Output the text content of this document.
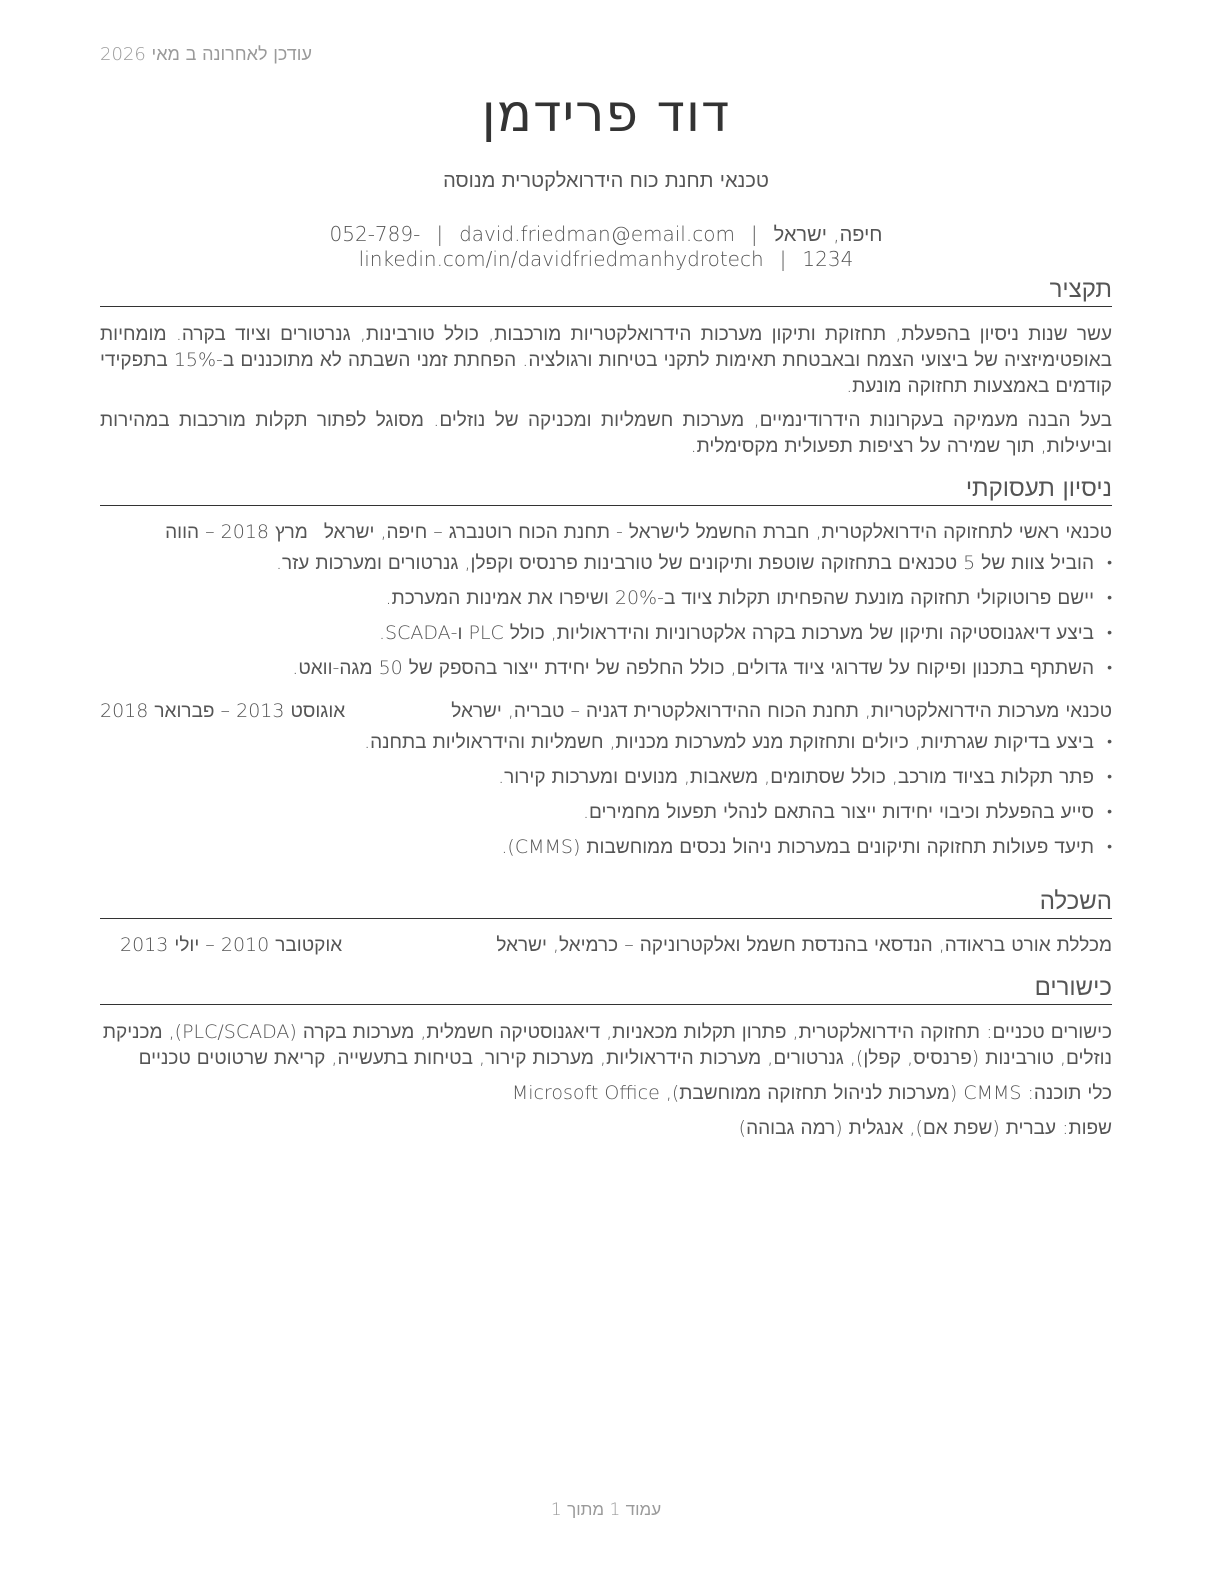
עודכן לאחרונה ב מאי 2026
דוד פרידמן
טכנאי תחנת כוח הידרואלקטרית מנוסה
חיפה, ישראל|david.friedman@email.com|052-789-1234|linkedin.com/in/davidfriedmanhydrotech
תקציר

עשר שנות ניסיון בהפעלת, תחזוקת ותיקון מערכות הידרואלקטריות מורכבות, כולל טורבינות, גנרטורים וציוד בקרה. מומחיות באופטימיזציה של ביצועי הצמח ובאבטחת תאימות לתקני בטיחות ורגולציה. הפחתת זמני השבתה לא מתוכננים ב-15% בתפקידי קודמים באמצעות תחזוקה מונעת.

בעל הבנה מעמיקה בעקרונות הידרודינמיים, מערכות חשמליות ומכניקה של נוזלים. מסוגל לפתור תקלות מורכבות במהירות וביעילות, תוך שמירה על רציפות תפעולית מקסימלית.

ניסיון תעסוקתי
טכנאי ראשי לתחזוקה הידרואלקטרית, חברת החשמל לישראל - תחנת הכוח רוטנברג – חיפה, ישראלמרץ 2018 – הווה
•
הוביל צוות של 5 טכנאים בתחזוקה שוטפת ותיקונים של טורבינות פרנסיס וקפלן, גנרטורים ומערכות עזר.
•
יישם פרוטוקולי תחזוקה מונעת שהפחיתו תקלות ציוד ב-20% ושיפרו את אמינות המערכת.
•
ביצע דיאגנוסטיקה ותיקון של מערכות בקרה אלקטרוניות והידראוליות, כולל PLC ו-SCADA.
•
השתתף בתכנון ופיקוח על שדרוגי ציוד גדולים, כולל החלפה של יחידת ייצור בהספק של 50 מגה-וואט.
אוגוסט 2013 – פברואר 2018	טכנאי מערכות הידרואלקטריות, תחנת הכוח ההידרואלקטרית דגניה – טבריה, ישראל
•
ביצע בדיקות שגרתיות, כיולים ותחזוקת מנע למערכות מכניות, חשמליות והידראוליות בתחנה.
•
פתר תקלות בציוד מורכב, כולל שסתומים, משאבות, מנועים ומערכות קירור.
•
סייע בהפעלת וכיבוי יחידות ייצור בהתאם לנהלי תפעול מחמירים.
•
תיעד פעולות תחזוקה ותיקונים במערכות ניהול נכסים ממוחשבות (CMMS).
השכלה
אוקטובר 2010 – יולי 2013	מכללת אורט בראודה, הנדסאי בהנדסת חשמל ואלקטרוניקה – כרמיאל, ישראל
כישורים

כישורים טכניים: תחזוקה הידרואלקטרית, פתרון תקלות מכאניות, דיאגנוסטיקה חשמלית, מערכות בקרה (PLC/SCADA), מכניקת נוזלים, טורבינות (פרנסיס, קפלן), גנרטורים, מערכות הידראוליות, מערכות קירור, בטיחות בתעשייה, קריאת שרטוטים טכניים

כלי תוכנה: CMMS (מערכות לניהול תחזוקה ממוחשבת), Microsoft Office

שפות: עברית (שפת אם), אנגלית (רמה גבוהה)

עמוד 1 מתוך 1
